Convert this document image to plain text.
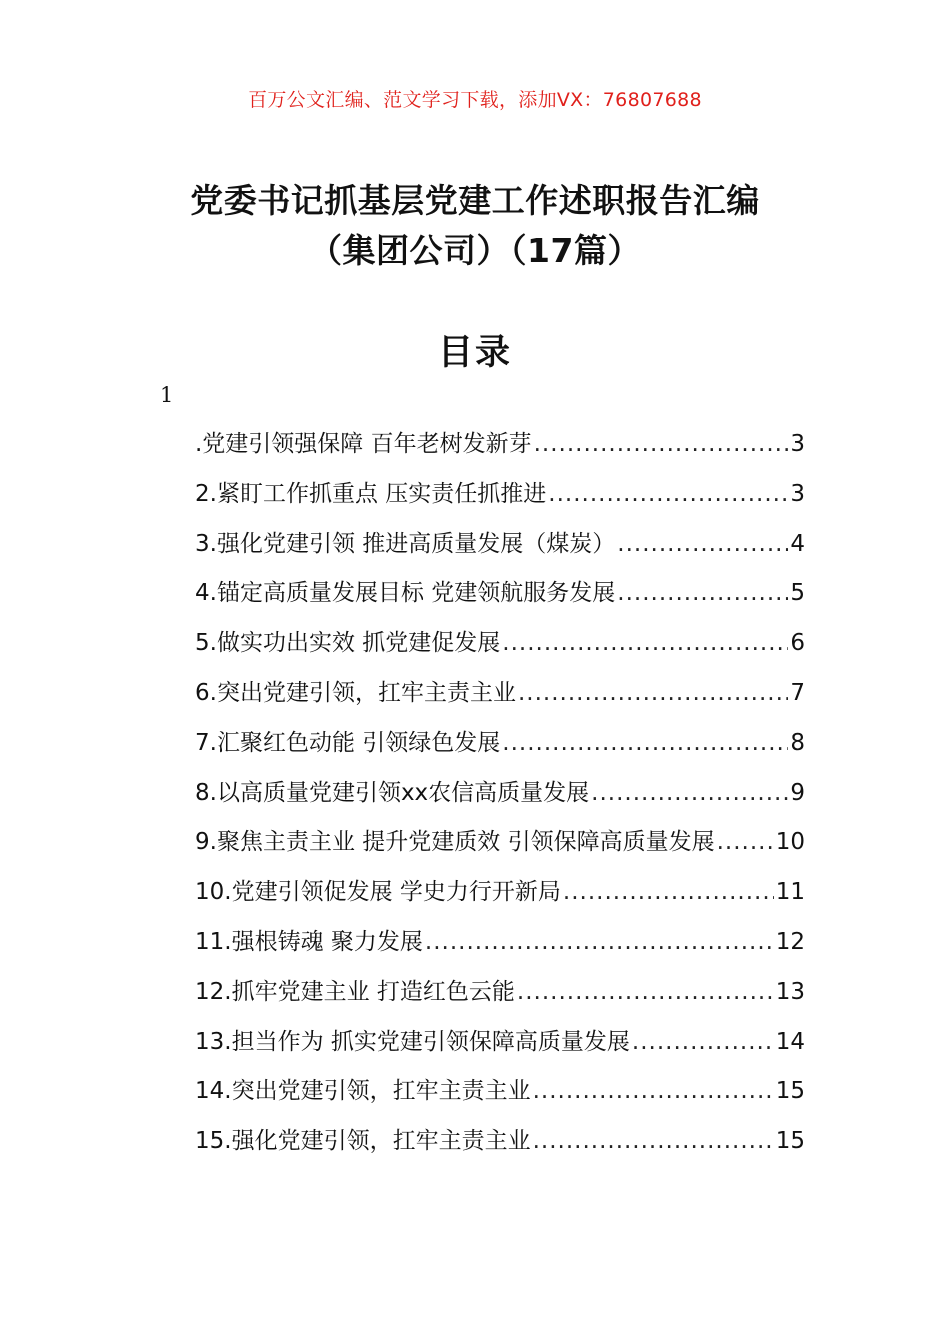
百万公文汇编、范文学习下载，添加VX：76807688
党委书记抓基层党建工作述职报告汇编
（集团公司）（17篇）
目录
1
.党建引领强保障 百年老树发新芽 .....	3
2.紧盯工作抓重点 压实责任抓推进 .....	3
3.强化党建引领 推进高质量发展（煤炭） .....	4
4.锚定高质量发展目标 党建领航服务发展 .....	5
5.做实功出实效 抓党建促发展 .....	6
6.突出党建引领，扛牢主责主业 .....	7
7.汇聚红色动能 引领绿色发展 .....	8
8.以高质量党建引领xx农信高质量发展 .....	9
9.聚焦主责主业 提升党建质效 引领保障高质量发展 .....	10
10.党建引领促发展 学史力行开新局 .....	11
11.强根铸魂 聚力发展 .....	12
12.抓牢党建主业 打造红色云能 .....	13
13.担当作为 抓实党建引领保障高质量发展 .....	14
14.突出党建引领，扛牢主责主业 .....	15
15.强化党建引领，扛牢主责主业 .....	15
